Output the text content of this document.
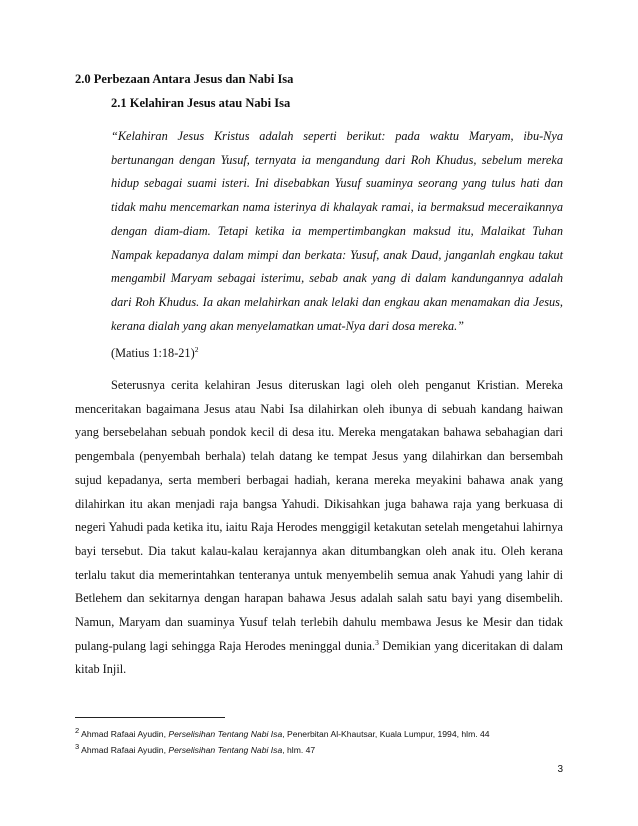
2.0 Perbezaan Antara Jesus dan Nabi Isa
2.1 Kelahiran Jesus atau Nabi Isa
“Kelahiran Jesus Kristus adalah seperti berikut: pada waktu Maryam, ibu-Nya bertunangan dengan Yusuf, ternyata ia mengandung dari Roh Khudus, sebelum mereka hidup sebagai suami isteri. Ini disebabkan Yusuf suaminya seorang yang tulus hati dan tidak mahu mencemarkan nama isterinya di khalayak ramai, ia bermaksud meceraikannya dengan diam-diam. Tetapi ketika ia mempertimbangkan maksud itu, Malaikat Tuhan Nampak kepadanya dalam mimpi dan berkata: Yusuf, anak Daud, janganlah engkau takut mengambil Maryam sebagai isterimu, sebab anak yang di dalam kandungannya adalah dari Roh Khudus. Ia akan melahirkan anak lelaki dan engkau akan menamakan dia Jesus, kerana dialah yang akan menyelamatkan umat-Nya dari dosa mereka.”
(Matius 1:18-21)$^2$
Seterusnya cerita kelahiran Jesus diteruskan lagi oleh oleh penganut Kristian. Mereka menceritakan bagaimana Jesus atau Nabi Isa dilahirkan oleh ibunya di sebuah kandang haiwan yang bersebelahan sebuah pondok kecil di desa itu. Mereka mengatakan bahawa sebahagian dari pengembala (penyembah berhala) telah datang ke tempat Jesus yang dilahirkan dan bersembah sujud kepadanya, serta memberi berbagai hadiah, kerana mereka meyakini bahawa anak yang dilahirkan itu akan menjadi raja bangsa Yahudi. Dikisahkan juga bahawa raja yang berkuasa di negeri Yahudi pada ketika itu, iaitu Raja Herodes menggigil ketakutan setelah mengetahui lahirnya bayi tersebut. Dia takut kalau-kalau kerajannya akan ditumbangkan oleh anak itu. Oleh kerana terlalu takut dia memerintahkan tenteranya untuk menyembelih semua anak Yahudi yang lahir di Betlehem dan sekitarnya dengan harapan bahawa Jesus adalah salah satu bayi yang disembelih. Namun, Maryam dan suaminya Yusuf telah terlebih dahulu membawa Jesus ke Mesir dan tidak pulang-pulang lagi sehingga Raja Herodes meninggal dunia.$^3$ Demikian yang diceritakan di dalam kitab Injil.
$^2$ Ahmad Rafaai Ayudin, Perselisihan Tentang Nabi Isa, Penerbitan Al-Khautsar, Kuala Lumpur, 1994, hlm. 44
$^3$ Ahmad Rafaai Ayudin, Perselisihan Tentang Nabi Isa, hlm. 47
3
